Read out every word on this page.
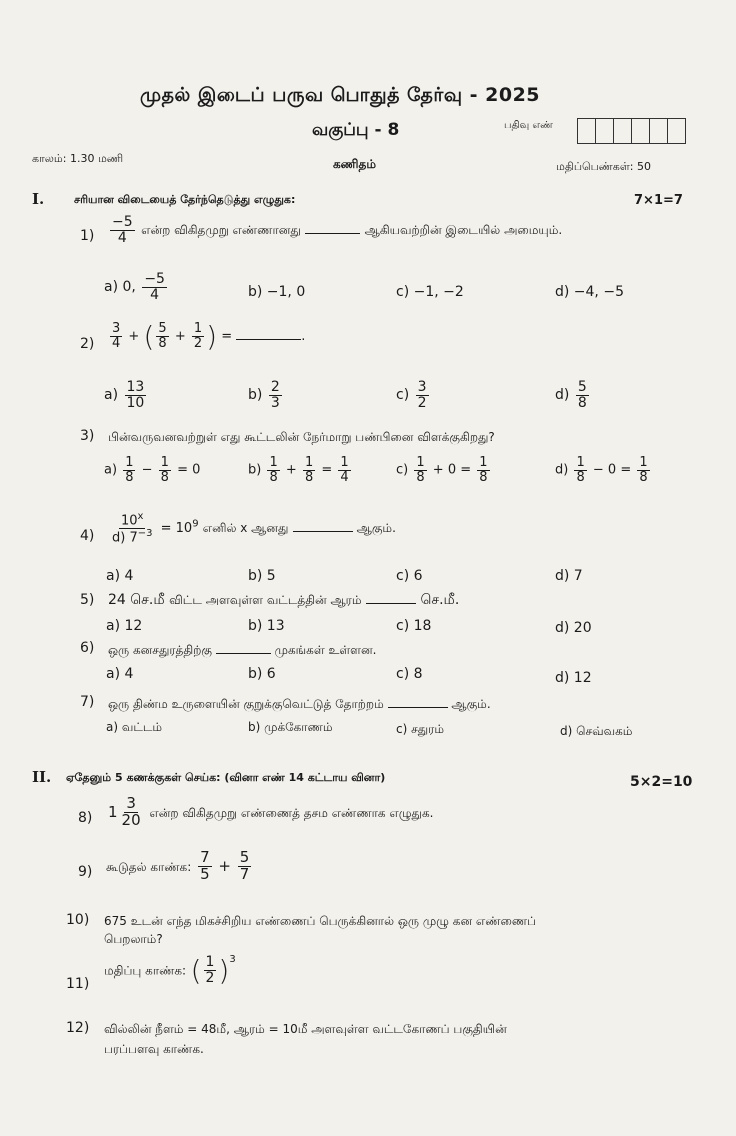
முதல் இடைப் பருவ பொதுத் தேர்வு - 2025
வகுப்பு - 8	பதிவு எண்
காலம்: 1.30 மணி	கணிதம்	மதிப்பெண்கள்: 50
I.	சரியான விடையைத் தேர்ந்தெடுத்து எழுதுக:	7×1=7
$1) \frac{-5}{4}$ என்ற விகிதமுறு எண்ணானது	ஆகியவற்றின் இடையில் அமையும்.
a) 0, $\frac{-5}{4}$	b) −1, 0	c) −1, −2	d) −4, −5
$2) \frac{3}{4}$ + ( $\frac{5}{8} + \frac{1}{2}$ ) =	.
$a) \frac{13}{10}$	$b) \frac{2}{3}$	$c) \frac{3}{2}$	$d) \frac{5}{8}$
3) பின்வருவனவற்றுள் எது கூட்டலின் நேர்மாறு பண்பினை விளக்குகிறது?
$a) \frac{1}{8} - \frac{1}{8} = 0$	$b) \frac{1}{8} + \frac{1}{8} = \frac{1}{4}$	$c) \frac{1}{8} + 0 = \frac{1}{8}$	$d) \frac{1}{8} - 0 = \frac{1}{8}$
$4) \frac{10^x}{d) 7^{-3}} = 10^9$ எனில் x ஆனது	ஆகும்.
a) 4	b) 5	c) 6	d) 7
5) 24 செ.மீ விட்ட அளவுள்ள வட்டத்தின் ஆரம்	செ.மீ.
a) 12	b) 13	c) 18	d) 20
6) ஒரு கனசதுரத்திற்கு	முகங்கள் உள்ளன.
a) 4	b) 6	c) 8	d) 12
7) ஒரு திண்ம உருளையின் குறுக்குவெட்டுத் தோற்றம்	ஆகும்.
a) வட்டம்	b) முக்கோணம்	c) சதுரம்	d) செவ்வகம்
II. ஏதேனும் 5 கணக்குகள் செய்க: (வினா எண் 14 கட்டாய வினா)	5×2=10
8) $1 \frac{3}{20}$ என்ற விகிதமுறு எண்ணைத் தசம எண்ணாக எழுதுக.
9) கூடுதல் காண்க: $\frac{7}{5} + \frac{5}{7}$
10) 675 உடன் எந்த மிகச்சிறிய எண்ணைப் பெருக்கினால் ஒரு முழு கன எண்ணைப்
பெறலாம்?
11)
மதிப்பு காண்க: ( $\frac{1}{2} )^3$
12) வில்லின் நீளம் = 48மீ, ஆரம் = 10மீ அளவுள்ள வட்டகோணப் பகுதியின்
பரப்பளவு காண்க.
